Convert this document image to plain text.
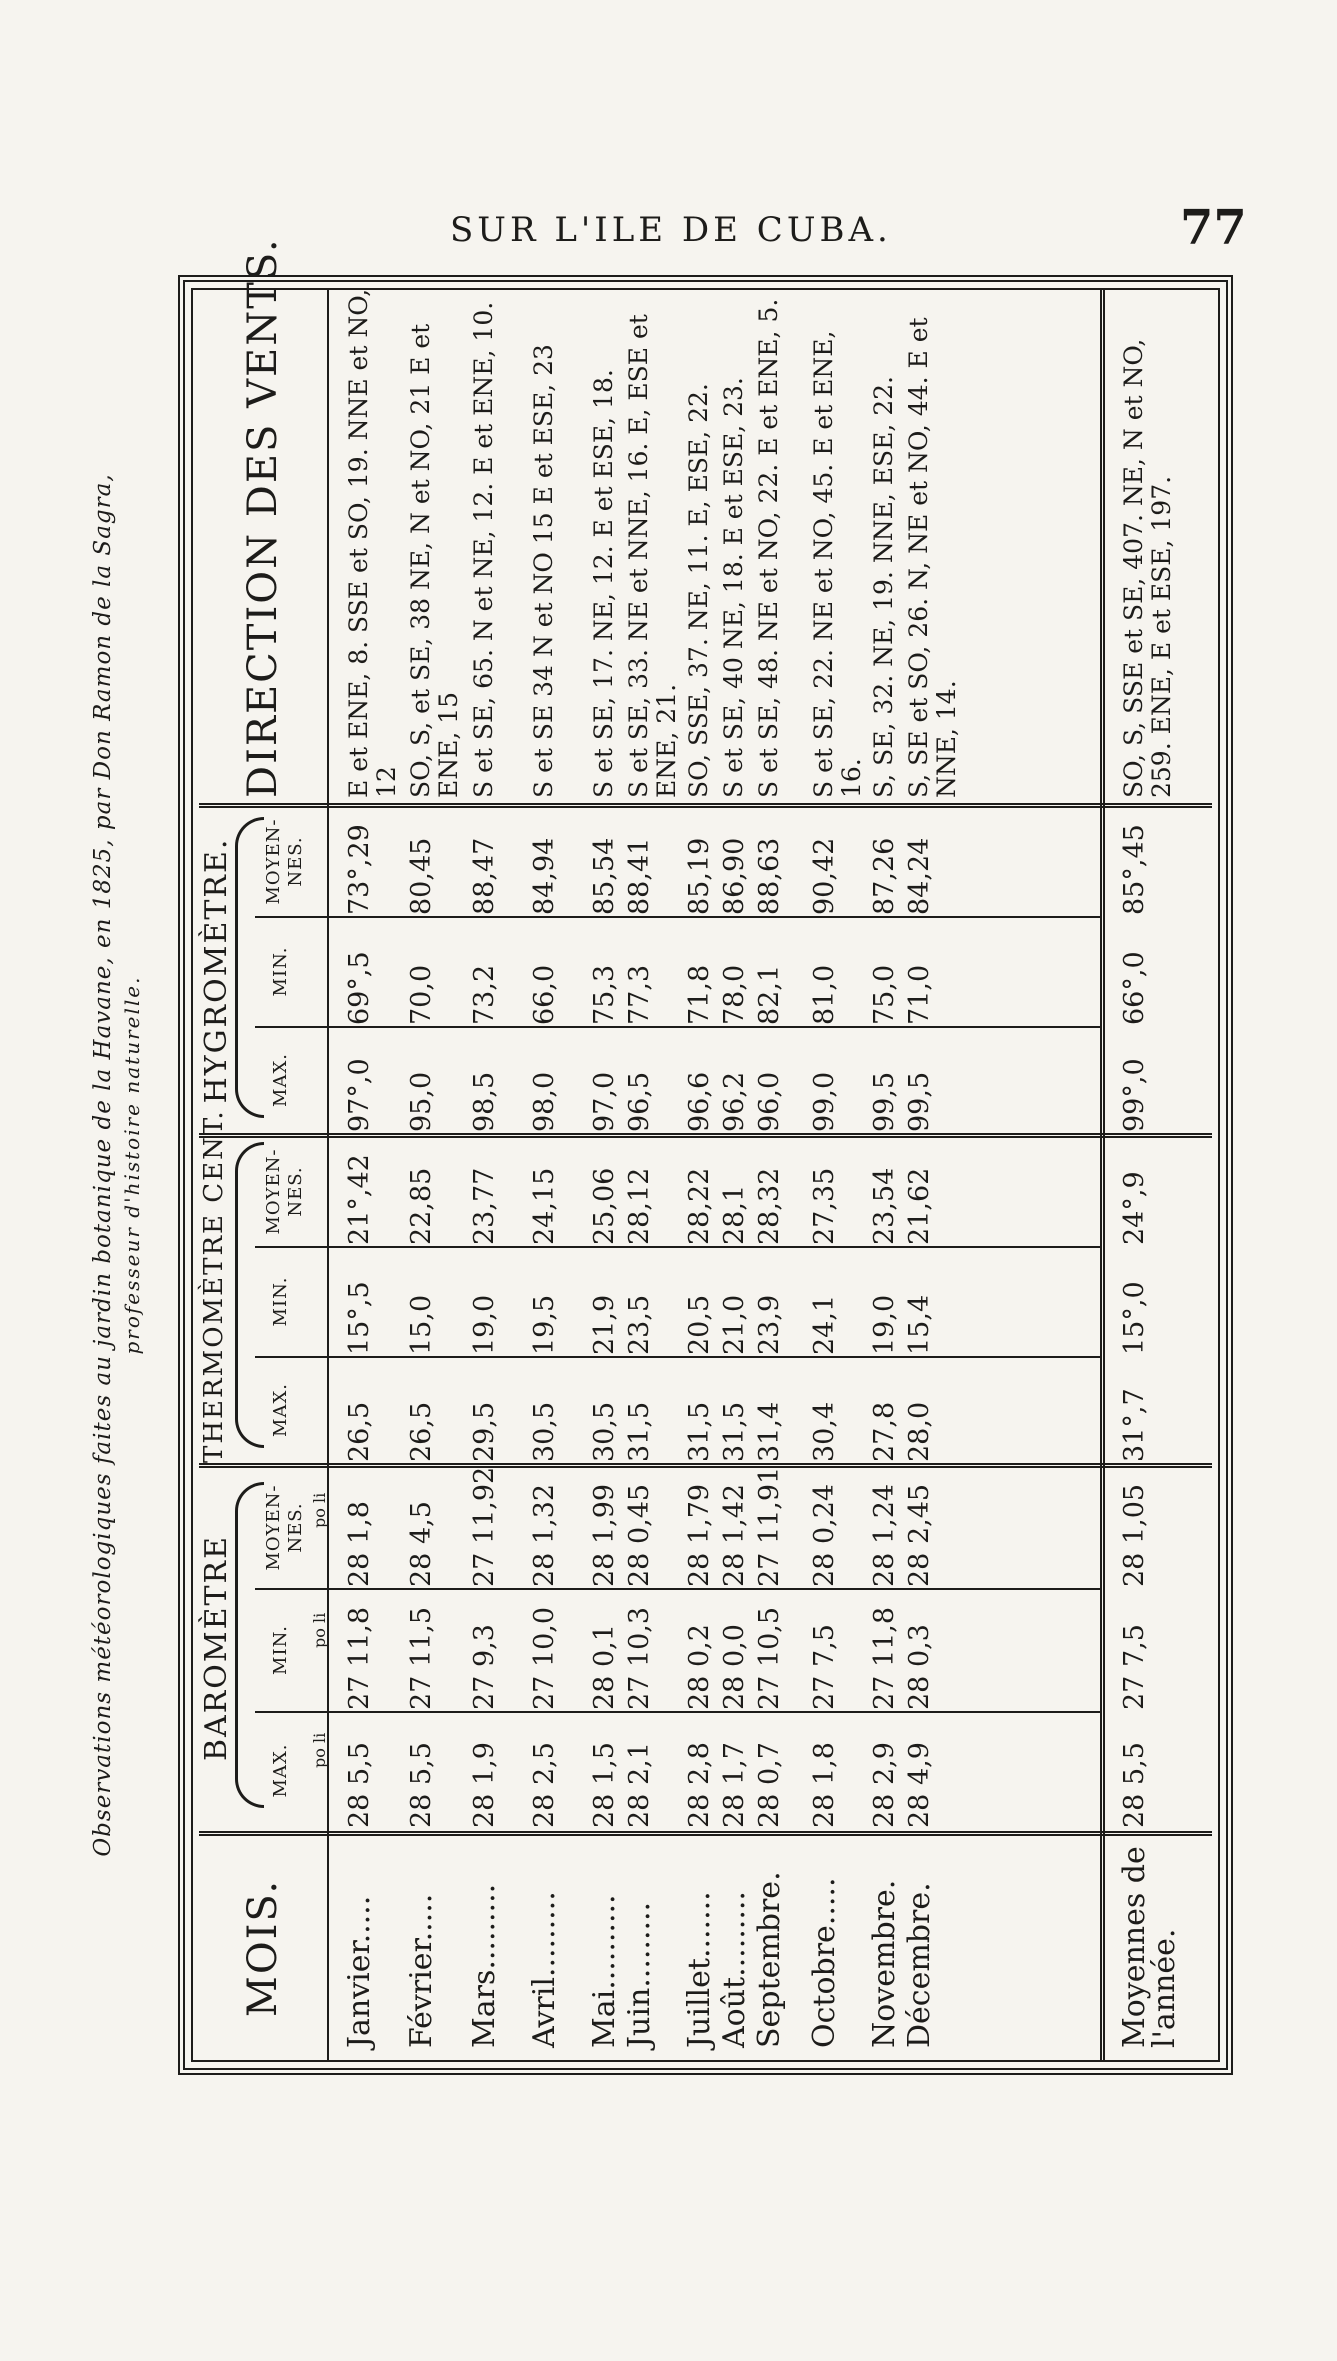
SUR L'ILE DE CUBA.	77
Observations météorologiques faites au jardin botanique de la Havane, en 1825, par Don Ramon de la Sagra, professeur d'histoire naturelle.
MOIS.
BAROMÈTRE
MAX.
MIN.
MOYEN-NES.
THERMOMÈTRE CENT. MAX.
MIN.
MOYEN-NES.
HYGROMÈTRE. MAX.
MIN.
MOYEN-NES.
DIRECTION DES VENTS.
po li
po li
po li
Janvier.....
28 5,5
27 11,8
28 1,8
26,5
15°,5
21°,42
97°,0
69°,5
73°,29
E et ENE, 8. SSE et SO, 19. NNE et NO, 12
Février.....
28 5,5
27 11,5
28 4,5
26,5
15,0
22,85
95,0
70,0
80,45
SO, S, et SE, 38 NE, N et NO, 21 E et ENE, 15
Mars.........
28 1,9
27 9,3
27 11,92
29,5
19,0
23,77
98,5
73,2
88,47
S et SE, 65. N et NE, 12. E et ENE, 10.
Avril.........
28 2,5
27 10,0
28 1,32
30,5
19,5
24,15
98,0
66,0
84,94
S et SE 34 N et NO 15 E et ESE, 23
Mai..........
28 1,5
28 0,1
28 1,99
30,5
21,9
25,06
97,0
75,3
85,54
S et SE, 17. NE, 12. E et ESE, 18.
Juin.........
28 2,1
27 10,3
28 0,45
31,5
23,5
28,12
96,5
77,3
88,41
S et SE, 33. NE et NNE, 16. E, ESE et ENE, 21.
Juillet.......
28 2,8
28 0,2
28 1,79
31,5
20,5
28,22
96,6
71,8
85,19
SO, SSE, 37. NE, 11. E, ESE, 22.
Août.........
28 1,7
28 0,0
28 1,42
31,5
21,0
28,1
96,2
78,0
86,90
S et SE, 40 NE, 18. E et ESE, 23.
Septembre.
28 0,7
27 10,5
27 11,91
31,4
23,9
28,32
96,0
82,1
88,63
S et SE, 48. NE et NO, 22. E et ENE, 5.
Octobre.....
28 1,8
27 7,5
28 0,24
30,4
24,1
27,35
99,0
81,0
90,42
S et SE, 22. NE et NO, 45. E et ENE, 16.
Novembre.
28 2,9
27 11,8
28 1,24
27,8
19,0
23,54
99,5
75,0
87,26
S, SE, 32. NE, 19. NNE, ESE, 22.
Décembre.
28 4,9
28 0,3
28 2,45
28,0
15,4
21,62
99,5
71,0
84,24
S, SE et SO, 26. N, NE et NO, 44. E et NNE, 14.
Moyennes de l'année.
28 5,5
27 7,5
28 1,05
31°,7
15°,0
24°,9
99°,0
66°,0
85°,45
SO, S, SSE et SE, 407. NE, N et NO, 259. ENE, E et ESE, 197.
